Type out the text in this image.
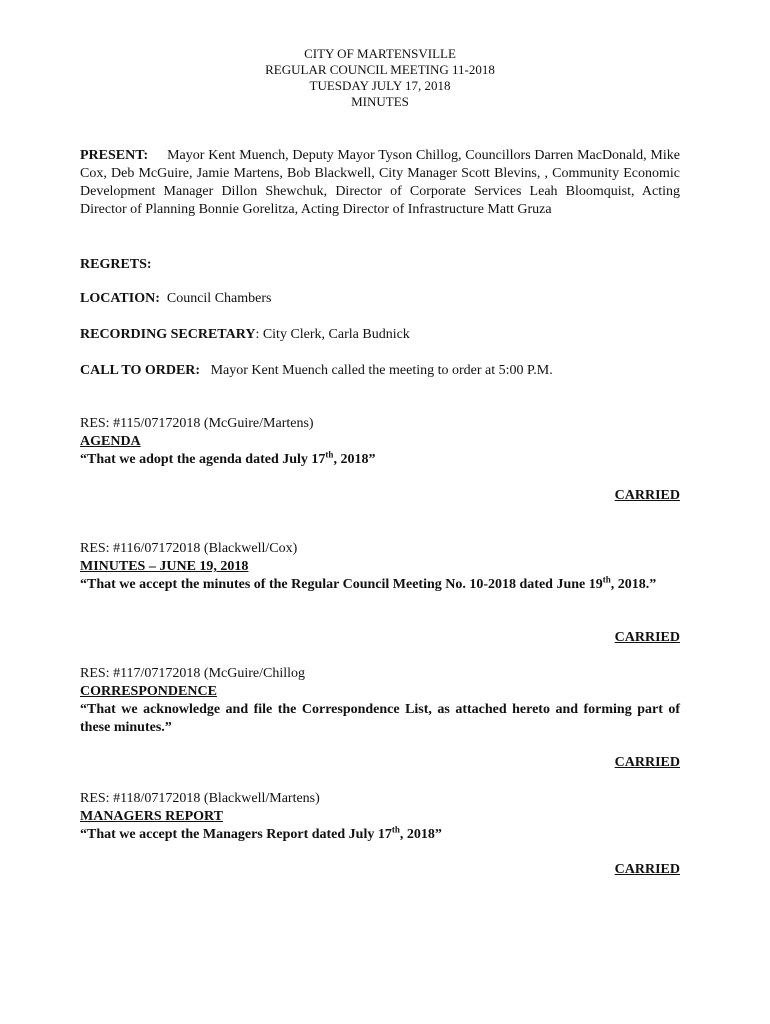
CITY OF MARTENSVILLE
REGULAR COUNCIL MEETING 11-2018
TUESDAY JULY 17, 2018
MINUTES
PRESENT: Mayor Kent Muench, Deputy Mayor Tyson Chillog, Councillors Darren MacDonald, Mike Cox, Deb McGuire, Jamie Martens, Bob Blackwell, City Manager Scott Blevins, , Community Economic Development Manager Dillon Shewchuk, Director of Corporate Services Leah Bloomquist, Acting Director of Planning Bonnie Gorelitza, Acting Director of Infrastructure Matt Gruza
REGRETS:
LOCATION: Council Chambers
RECORDING SECRETARY: City Clerk, Carla Budnick
CALL TO ORDER: Mayor Kent Muench called the meeting to order at 5:00 P.M.
RES: #115/07172018 (McGuire/Martens)
AGENDA
“That we adopt the agenda dated July 17th, 2018”
CARRIED
RES: #116/07172018 (Blackwell/Cox)
MINUTES – JUNE 19, 2018
“That we accept the minutes of the Regular Council Meeting No. 10-2018 dated June 19th, 2018.”
CARRIED
RES: #117/07172018 (McGuire/Chillog
CORRESPONDENCE
“That we acknowledge and file the Correspondence List, as attached hereto and forming part of these minutes.”
CARRIED
RES: #118/07172018 (Blackwell/Martens)
MANAGERS REPORT
“That we accept the Managers Report dated July 17th, 2018”
CARRIED
